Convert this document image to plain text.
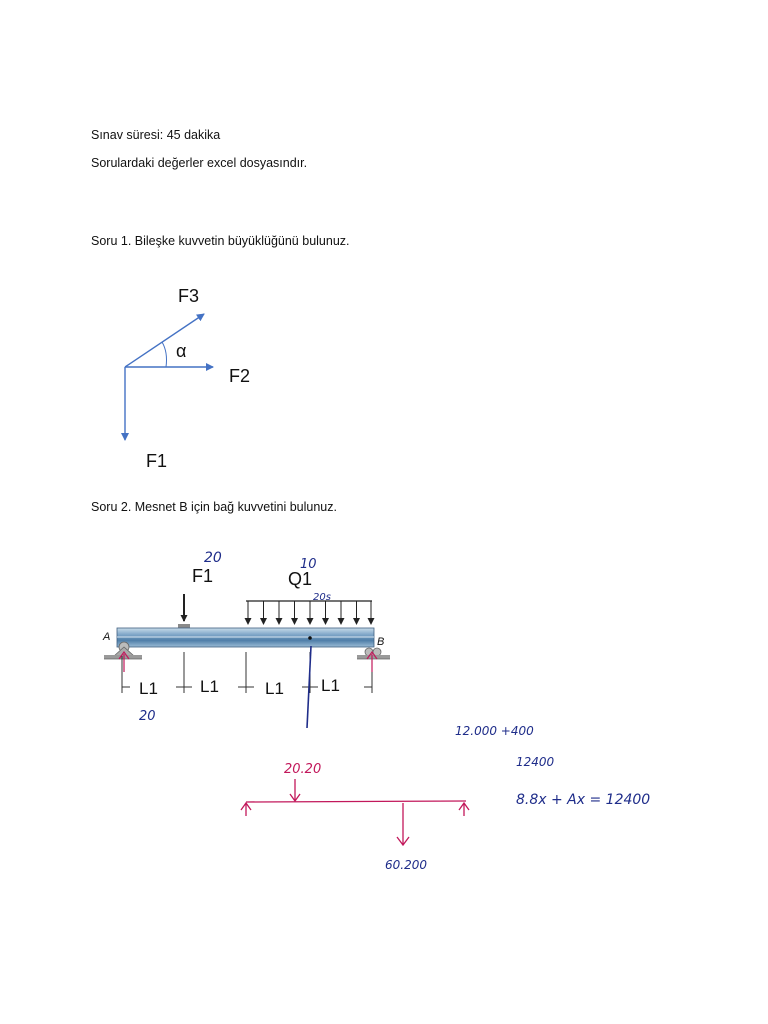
Sınav süresi: 45 dakika
Sorulardaki değerler excel dosyasındır.
Soru 1. Bileşke kuvvetin büyüklüğünü bulunuz.
Soru 2. Mesnet B için bağ kuvvetini bulunuz.
F3
α
F2
F1
A	B
F1	Q1
L1 L1	L1 L1
20	10
20s
20
20.20
60.200
12.000 +400
12400
8.8x + Ax = 12400
